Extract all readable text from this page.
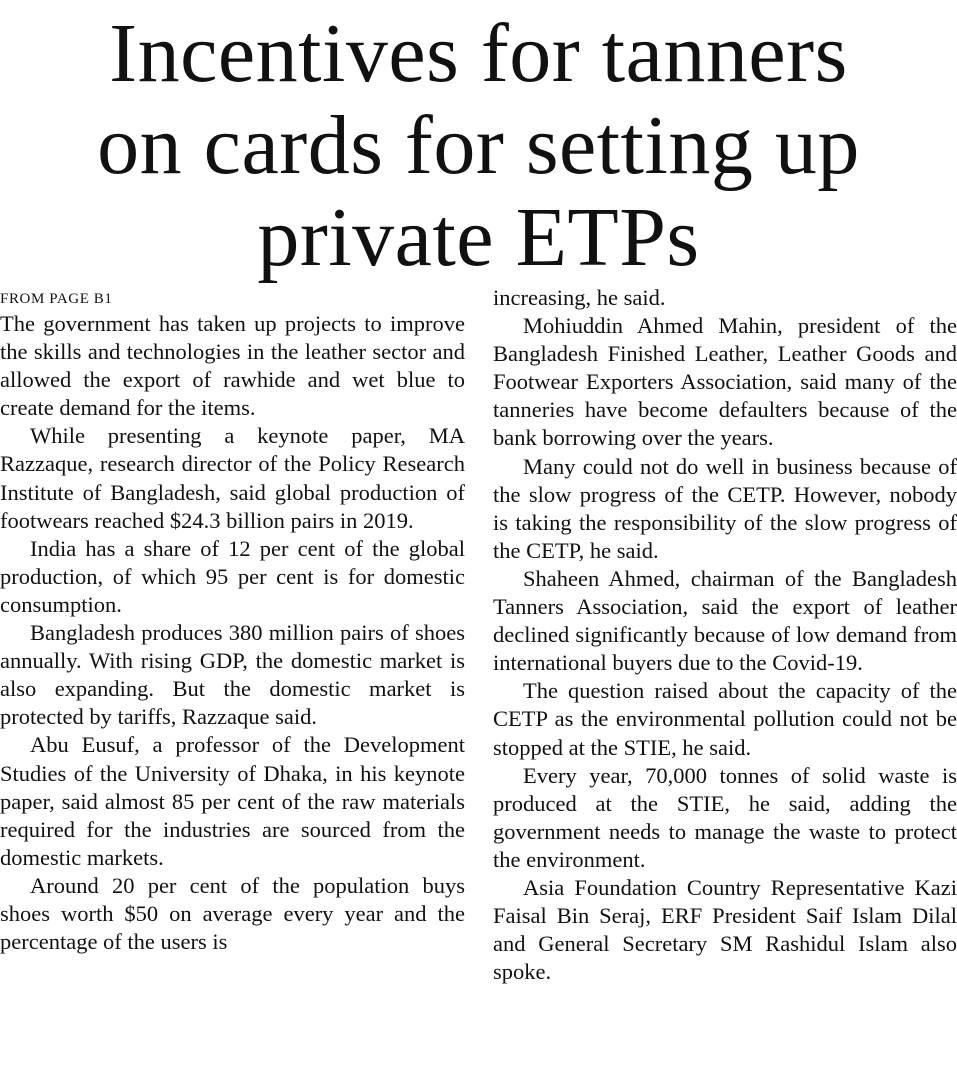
Incentives for tanners
on cards for setting up
private ETPs
FROM PAGE B1

The government has taken up projects to improve the skills and technologies in the leather sector and allowed the export of rawhide and wet blue to create demand for the items.

While presenting a keynote paper, MA Razzaque, research director of the Policy Research Institute of Bangladesh, said global production of footwears reached $24.3 billion pairs in 2019.

India has a share of 12 per cent of the global production, of which 95 per cent is for domestic consumption.

Bangladesh produces 380 million pairs of shoes annually. With rising GDP, the domestic market is also expanding. But the domestic market is protected by tariffs, Razzaque said.

Abu Eusuf, a professor of the Development Studies of the University of Dhaka, in his keynote paper, said almost 85 per cent of the raw materials required for the industries are sourced from the domestic markets.

Around 20 per cent of the population buys shoes worth $50 on average every year and the percentage of the users is

increasing, he said.

Mohiuddin Ahmed Mahin, president of the Bangladesh Finished Leather, Leather Goods and Footwear Exporters Association, said many of the tanneries have become defaulters because of the bank borrowing over the years.

Many could not do well in business because of the slow progress of the CETP. However, nobody is taking the responsibility of the slow progress of the CETP, he said.

Shaheen Ahmed, chairman of the Bangladesh Tanners Association, said the export of leather declined significantly because of low demand from international buyers due to the Covid-19.

The question raised about the capacity of the CETP as the environmental pollution could not be stopped at the STIE, he said.

Every year, 70,000 tonnes of solid waste is produced at the STIE, he said, adding the government needs to manage the waste to protect the environment.

Asia Foundation Country Representative Kazi Faisal Bin Seraj, ERF President Saif Islam Dilal and General Secretary SM Rashidul Islam also spoke.
